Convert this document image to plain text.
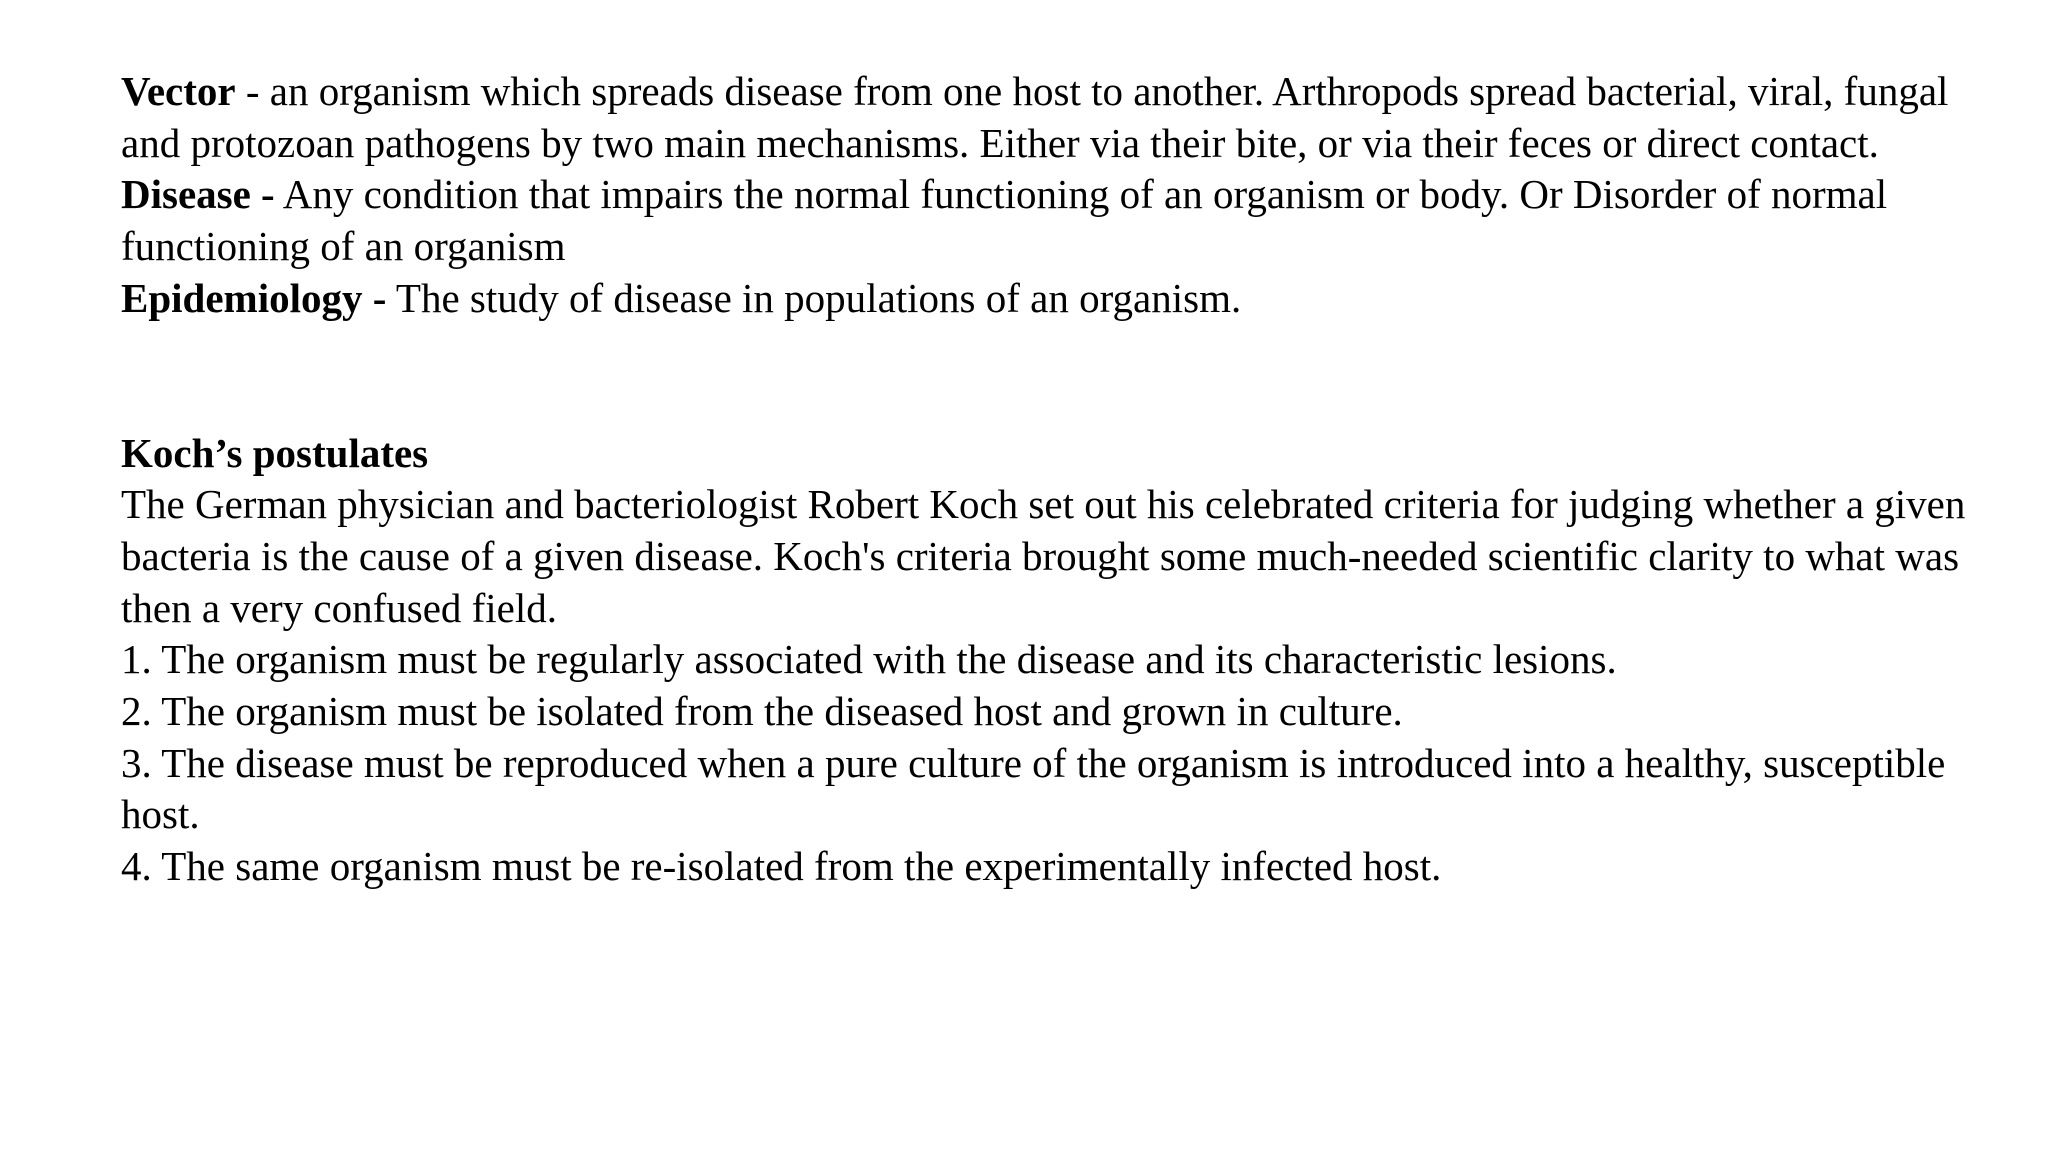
Vector - an organism which spreads disease from one host to another. Arthropods spread bacterial, viral, fungal and protozoan pathogens by two main mechanisms. Either via their bite, or via their feces or direct contact.

Disease - Any condition that impairs the normal functioning of an organism or body. Or Disorder of normal functioning of an organism

Epidemiology - The study of disease in populations of an organism.

Koch’s postulates

The German physician and bacteriologist Robert Koch set out his celebrated criteria for judging whether a given bacteria is the cause of a given disease. Koch's criteria brought some much-needed scientific clarity to what was then a very confused field.

1. The organism must be regularly associated with the disease and its characteristic lesions.
2. The organism must be isolated from the diseased host and grown in culture.
3. The disease must be reproduced when a pure culture of the organism is introduced into a healthy, susceptible host.
4. The same organism must be re-isolated from the experimentally infected host.
